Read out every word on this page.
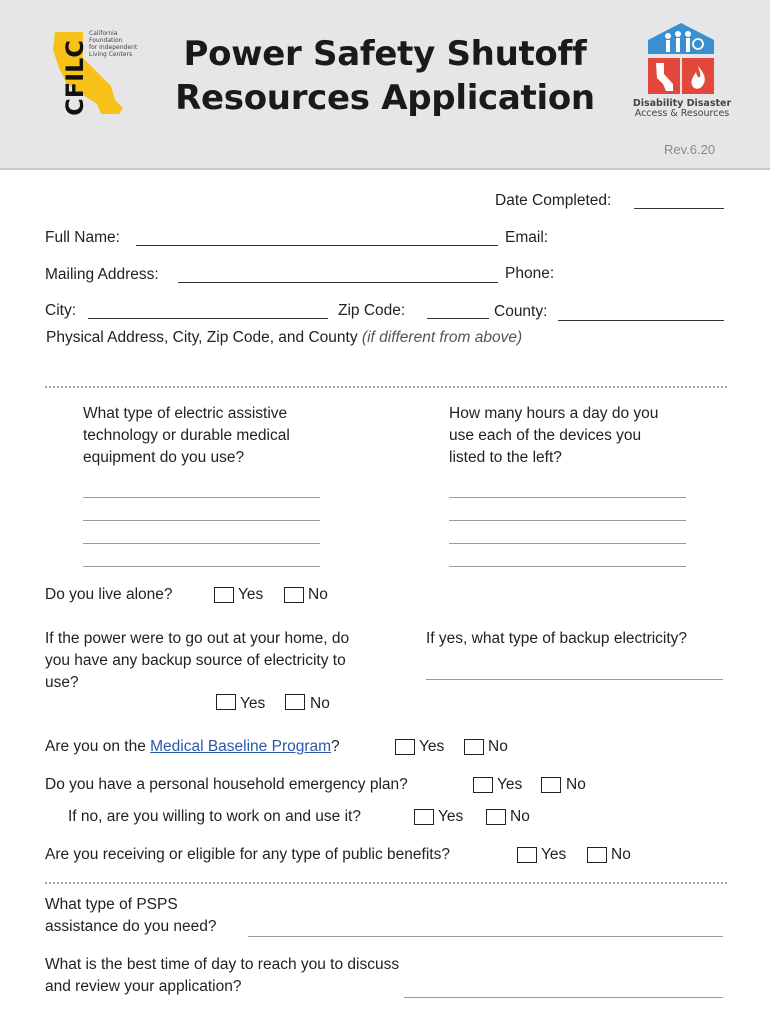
CFILC
California
Foundation
for Independent
Living Centers	Power Safety Shutoff
Resources Application	Disability Disaster
Access & Resources
Rev.6.20
Date Completed:
Full Name:	Email:
Mailing Address:	Phone:
City:	Zip Code:	County:
Physical Address, City, Zip Code, and County (if different from above)
What type of electric assistive technology or durable medical equipment do you use?
How many hours a day do you use each of the devices you listed to the left?
Do you live alone?	Yes	No
If the power were to go out at your home, do you have any backup source of electricity to use?
Yes	No
If yes, what type of backup electricity?
Are you on the Medical Baseline Program?	Yes	No
Do you have a personal household emergency plan?	Yes	No
If no, are you willing to work on and use it?	Yes	No
Are you receiving or eligible for any type of public benefits?	Yes	No
What type of PSPS assistance do you need?
What is the best time of day to reach you to discuss and review your application?
